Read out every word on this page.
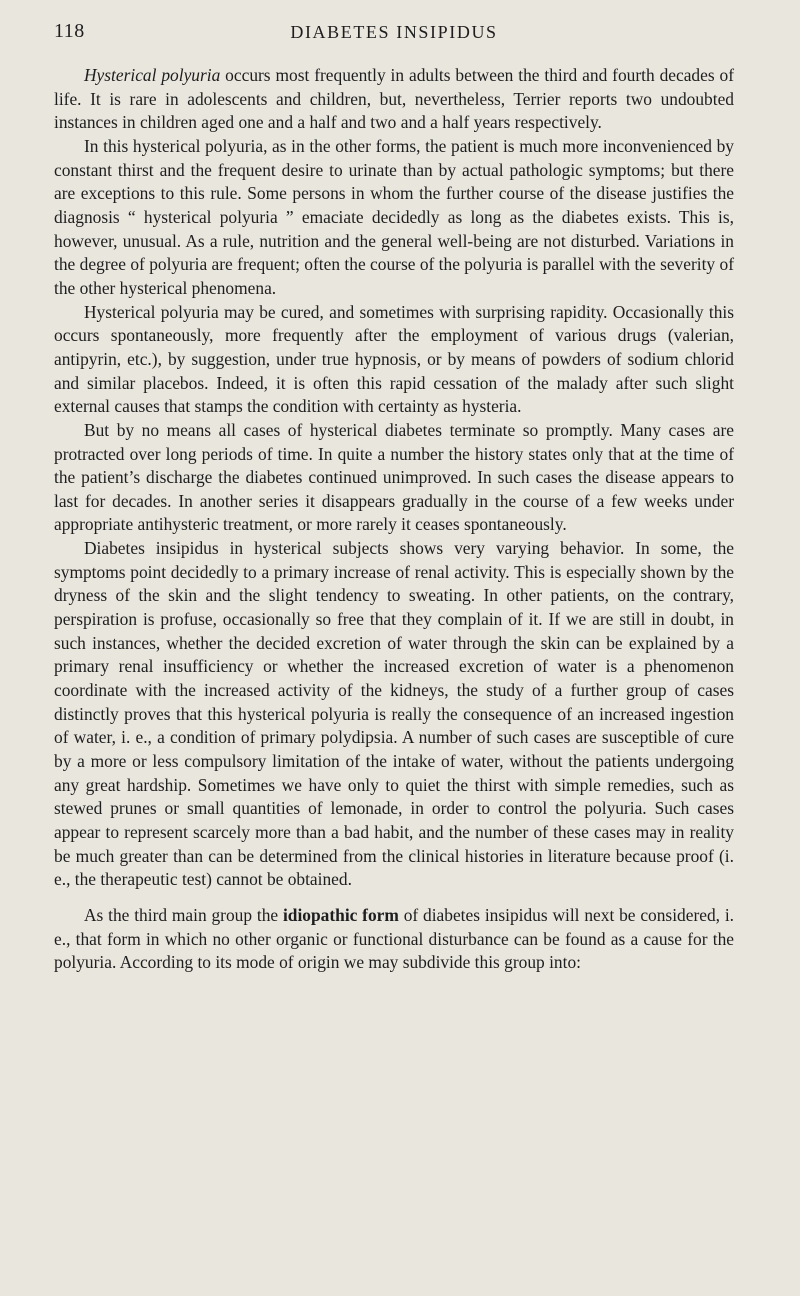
118	DIABETES INSIPIDUS

Hysterical polyuria occurs most frequently in adults between the third and fourth decades of life. It is rare in adolescents and children, but, nevertheless, Terrier reports two undoubted instances in children aged one and a half and two and a half years respectively.

In this hysterical polyuria, as in the other forms, the patient is much more inconvenienced by constant thirst and the frequent desire to urinate than by actual pathologic symptoms; but there are exceptions to this rule. Some persons in whom the further course of the disease justifies the diagnosis “ hysterical polyuria ” emaciate decidedly as long as the diabetes exists. This is, however, unusual. As a rule, nutrition and the general well-being are not disturbed. Variations in the degree of polyuria are frequent; often the course of the polyuria is parallel with the severity of the other hysterical phenomena.

Hysterical polyuria may be cured, and sometimes with surprising rapidity. Occasionally this occurs spontaneously, more frequently after the employment of various drugs (valerian, antipyrin, etc.), by suggestion, under true hypnosis, or by means of powders of sodium chlorid and similar placebos. Indeed, it is often this rapid cessation of the malady after such slight external causes that stamps the condition with certainty as hysteria.

But by no means all cases of hysterical diabetes terminate so promptly. Many cases are protracted over long periods of time. In quite a number the history states only that at the time of the patient’s discharge the diabetes continued unimproved. In such cases the disease appears to last for decades. In another series it disappears gradually in the course of a few weeks under appropriate antihysteric treatment, or more rarely it ceases spontaneously.

Diabetes insipidus in hysterical subjects shows very varying behavior. In some, the symptoms point decidedly to a primary increase of renal activity. This is especially shown by the dryness of the skin and the slight tendency to sweating. In other patients, on the contrary, perspiration is profuse, occasionally so free that they complain of it. If we are still in doubt, in such instances, whether the decided excretion of water through the skin can be explained by a primary renal insufficiency or whether the increased excretion of water is a phenomenon coordinate with the increased activity of the kidneys, the study of a further group of cases distinctly proves that this hysterical polyuria is really the consequence of an increased ingestion of water, i. e., a condition of primary polydipsia. A number of such cases are susceptible of cure by a more or less compulsory limitation of the intake of water, without the patients undergoing any great hardship. Sometimes we have only to quiet the thirst with simple remedies, such as stewed prunes or small quantities of lemonade, in order to control the polyuria. Such cases appear to represent scarcely more than a bad habit, and the number of these cases may in reality be much greater than can be determined from the clinical histories in literature because proof (i. e., the therapeutic test) cannot be obtained.

As the third main group the idiopathic form of diabetes insipidus will next be considered, i. e., that form in which no other organic or functional disturbance can be found as a cause for the polyuria. According to its mode of origin we may subdivide this group into:
